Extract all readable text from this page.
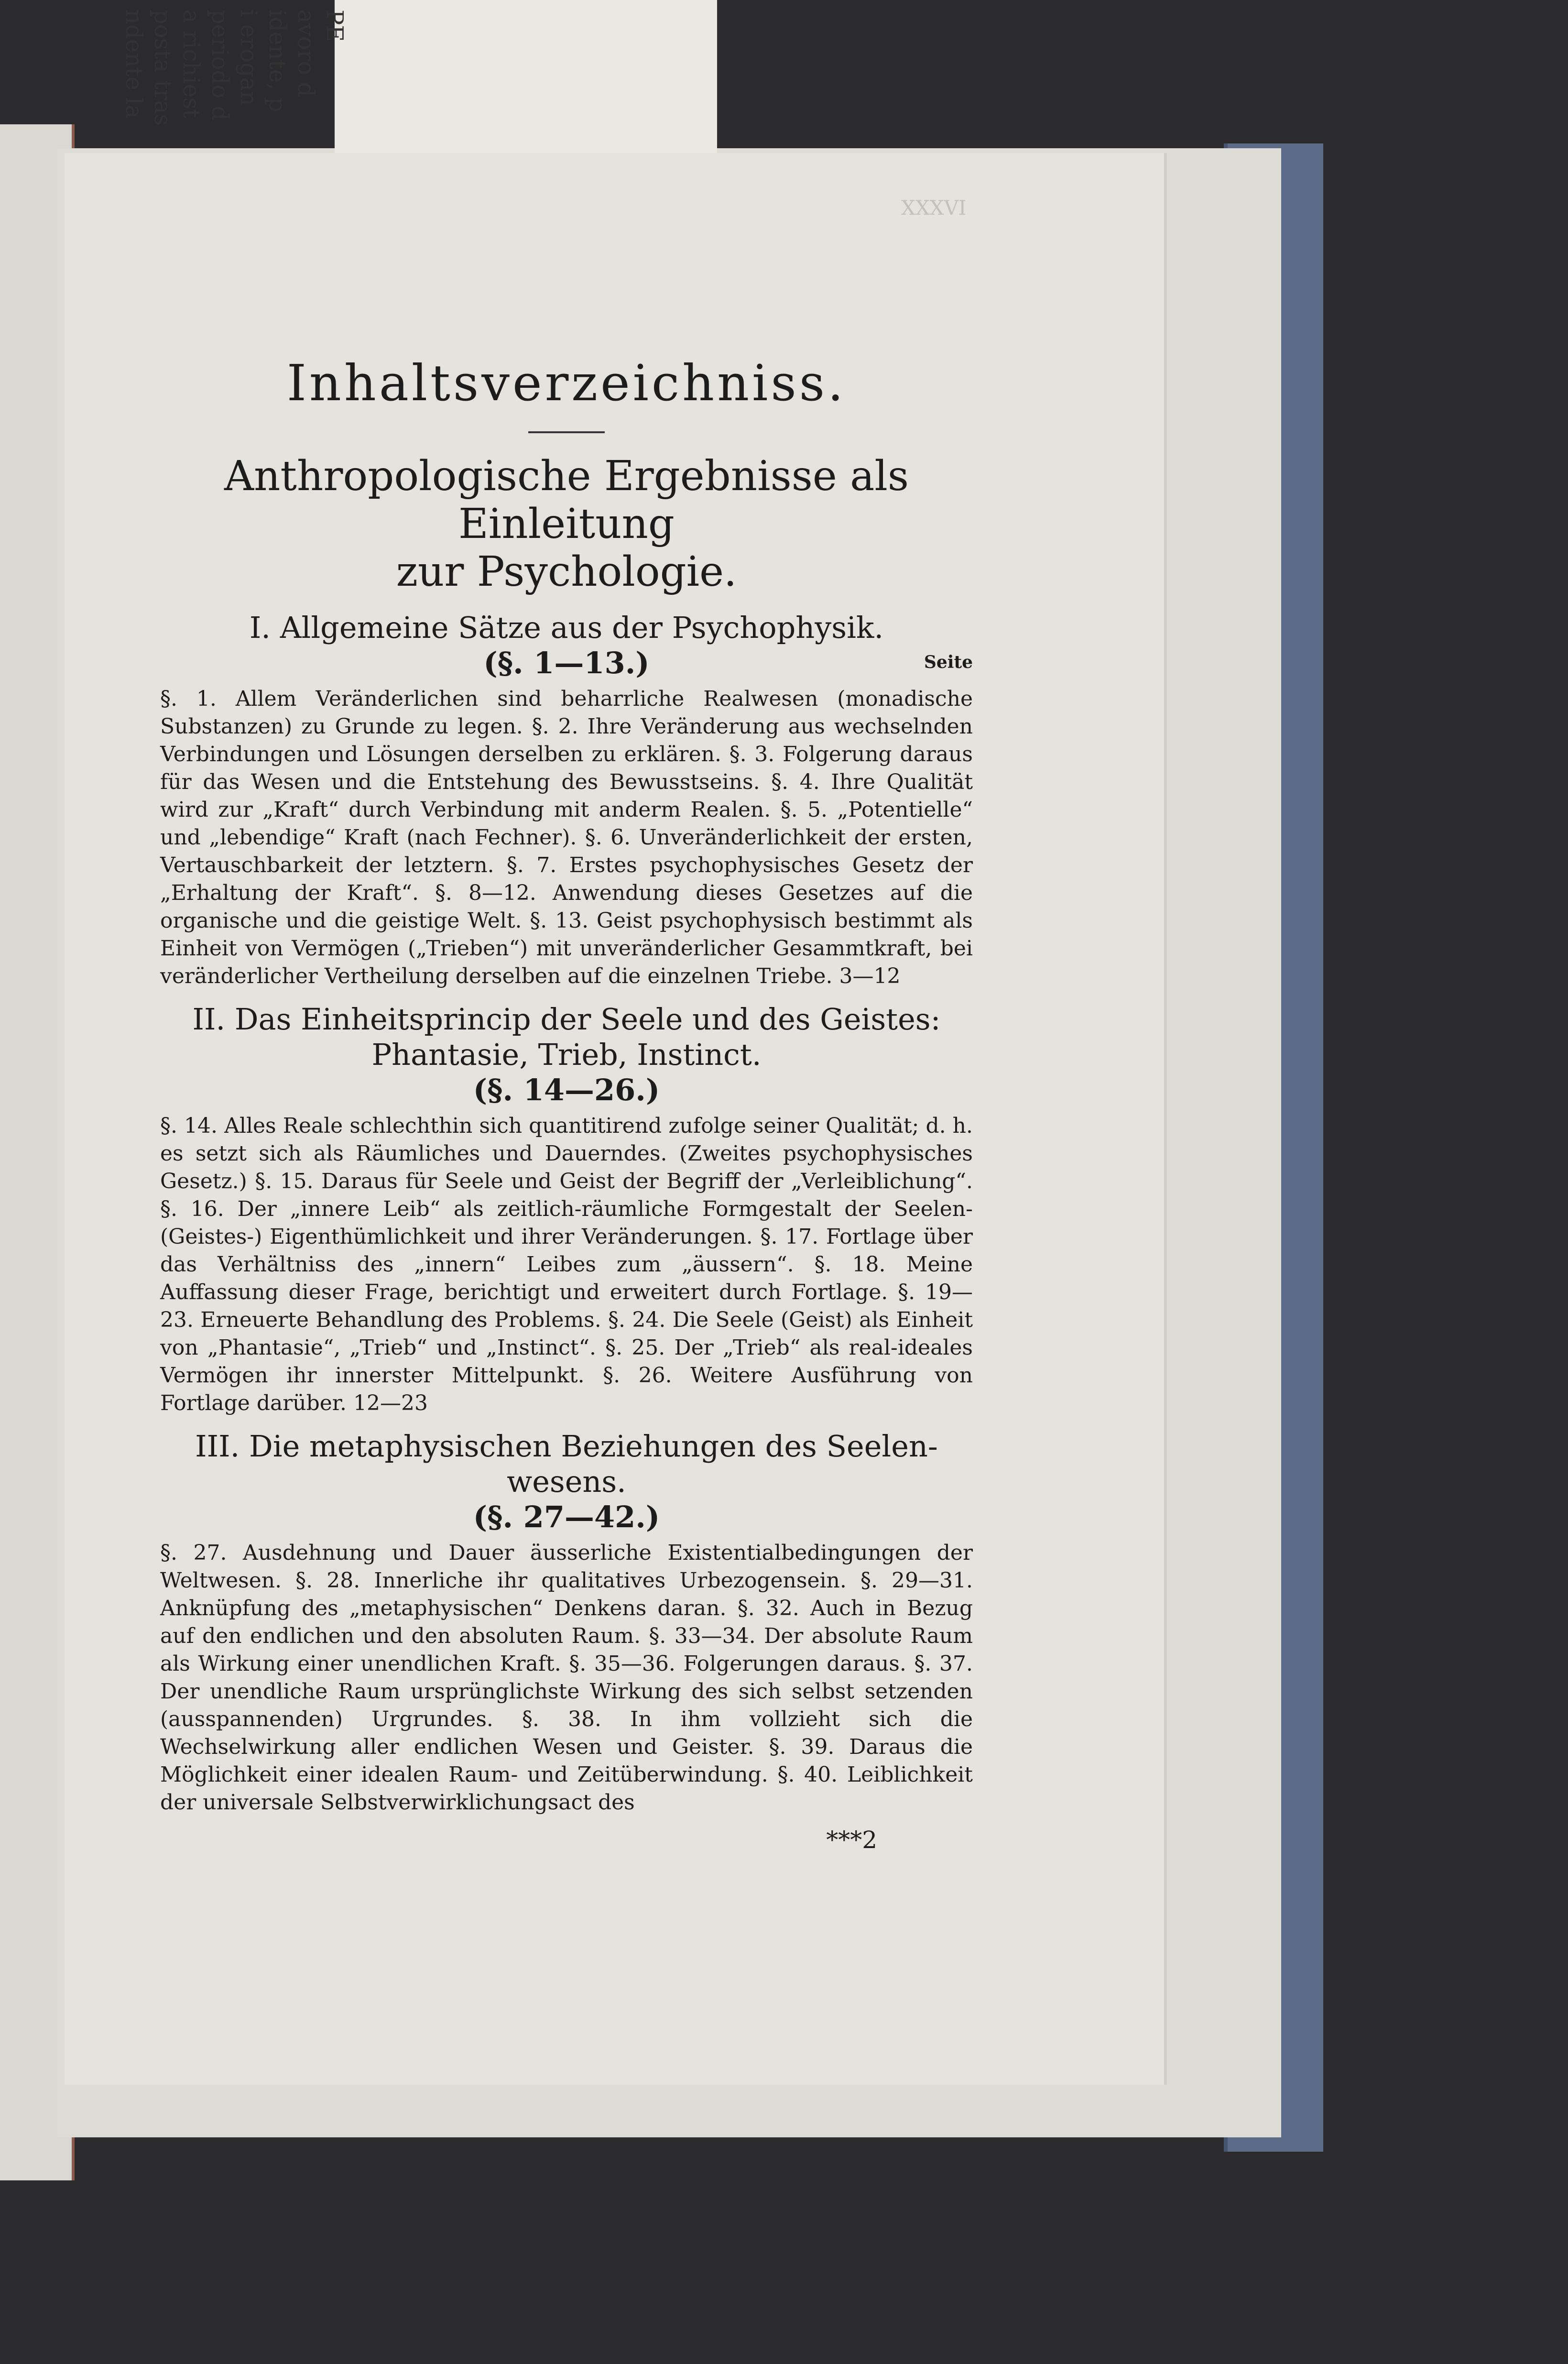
PE
avoro d
idente, p
i erogan
periodo d
a richiest
posta tras
ndente la
XXXVI
Inhaltsverzeichniss.
Anthropologische Ergebnisse als Einleitung
zur Psychologie.
I. Allgemeine Sätze aus der Psychophysik.
(§. 1—13.)	Seite

§. 1. Allem Veränderlichen sind beharrliche Realwesen (monadische Substanzen) zu Grunde zu legen. §. 2. Ihre Veränderung aus wechselnden Verbindungen und Lösungen derselben zu erklären. §. 3. Folgerung daraus für das Wesen und die Entstehung des Bewusstseins. §. 4. Ihre Qualität wird zur „Kraft“ durch Verbindung mit anderm Realen. §. 5. „Potentielle“ und „lebendige“ Kraft (nach Fechner). §. 6. Unveränderlichkeit der ersten, Vertauschbarkeit der letztern. §. 7. Erstes psychophysisches Gesetz der „Erhaltung der Kraft“. §. 8—12. Anwendung dieses Gesetzes auf die organische und die geistige Welt. §. 13. Geist psychophysisch bestimmt als Einheit von Vermögen („Trieben“) mit unveränderlicher Gesammtkraft, bei veränderlicher Vertheilung derselben auf die einzelnen Triebe. 3—12

II. Das Einheitsprincip der Seele und des Geistes:
Phantasie, Trieb, Instinct.
(§. 14—26.)

§. 14. Alles Reale schlechthin sich quantitirend zufolge seiner Qualität; d. h. es setzt sich als Räumliches und Dauerndes. (Zweites psychophysisches Gesetz.) §. 15. Daraus für Seele und Geist der Begriff der „Verleiblichung“. §. 16. Der „innere Leib“ als zeitlich-räumliche Formgestalt der Seelen-(Geistes-) Eigenthümlichkeit und ihrer Veränderungen. §. 17. Fortlage über das Verhältniss des „innern“ Leibes zum „äussern“. §. 18. Meine Auffassung dieser Frage, berichtigt und erweitert durch Fortlage. §. 19—23. Erneuerte Behandlung des Problems. §. 24. Die Seele (Geist) als Einheit von „Phantasie“, „Trieb“ und „Instinct“. §. 25. Der „Trieb“ als real-ideales Vermögen ihr innerster Mittelpunkt. §. 26. Weitere Ausführung von Fortlage darüber. 12—23

III. Die metaphysischen Beziehungen des Seelen-
wesens.
(§. 27—42.)

§. 27. Ausdehnung und Dauer äusserliche Existentialbedingungen der Weltwesen. §. 28. Innerliche ihr qualitatives Urbezogensein. §. 29—31. Anknüpfung des „metaphysischen“ Denkens daran. §. 32. Auch in Bezug auf den endlichen und den absoluten Raum. §. 33—34. Der absolute Raum als Wirkung einer unendlichen Kraft. §. 35—36. Folgerungen daraus. §. 37. Der unendliche Raum ursprünglichste Wirkung des sich selbst setzenden (ausspannenden) Urgrundes. §. 38. In ihm vollzieht sich die Wechselwirkung aller endlichen Wesen und Geister. §. 39. Daraus die Möglichkeit einer idealen Raum- und Zeitüberwindung. §. 40. Leiblichkeit der universale Selbstverwirklichungsact des

***2
